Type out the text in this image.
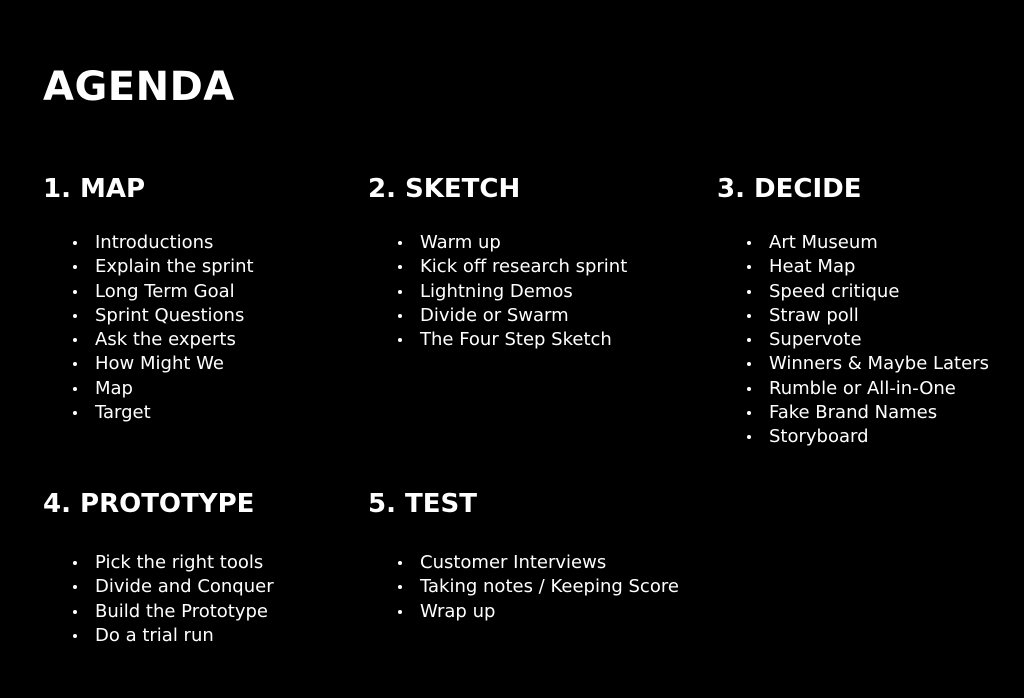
AGENDA
1. MAP
Introductions
Explain the sprint
Long Term Goal
Sprint Questions
Ask the experts
How Might We
Map
Target
2. SKETCH
Warm up
Kick off research sprint
Lightning Demos
Divide or Swarm
The Four Step Sketch
3. DECIDE
Art Museum
Heat Map
Speed critique
Straw poll
Supervote
Winners & Maybe Laters
Rumble or All-in-One
Fake Brand Names
Storyboard
4. PROTOTYPE
Pick the right tools
Divide and Conquer
Build the Prototype
Do a trial run
5. TEST
Customer Interviews
Taking notes / Keeping Score
Wrap up
